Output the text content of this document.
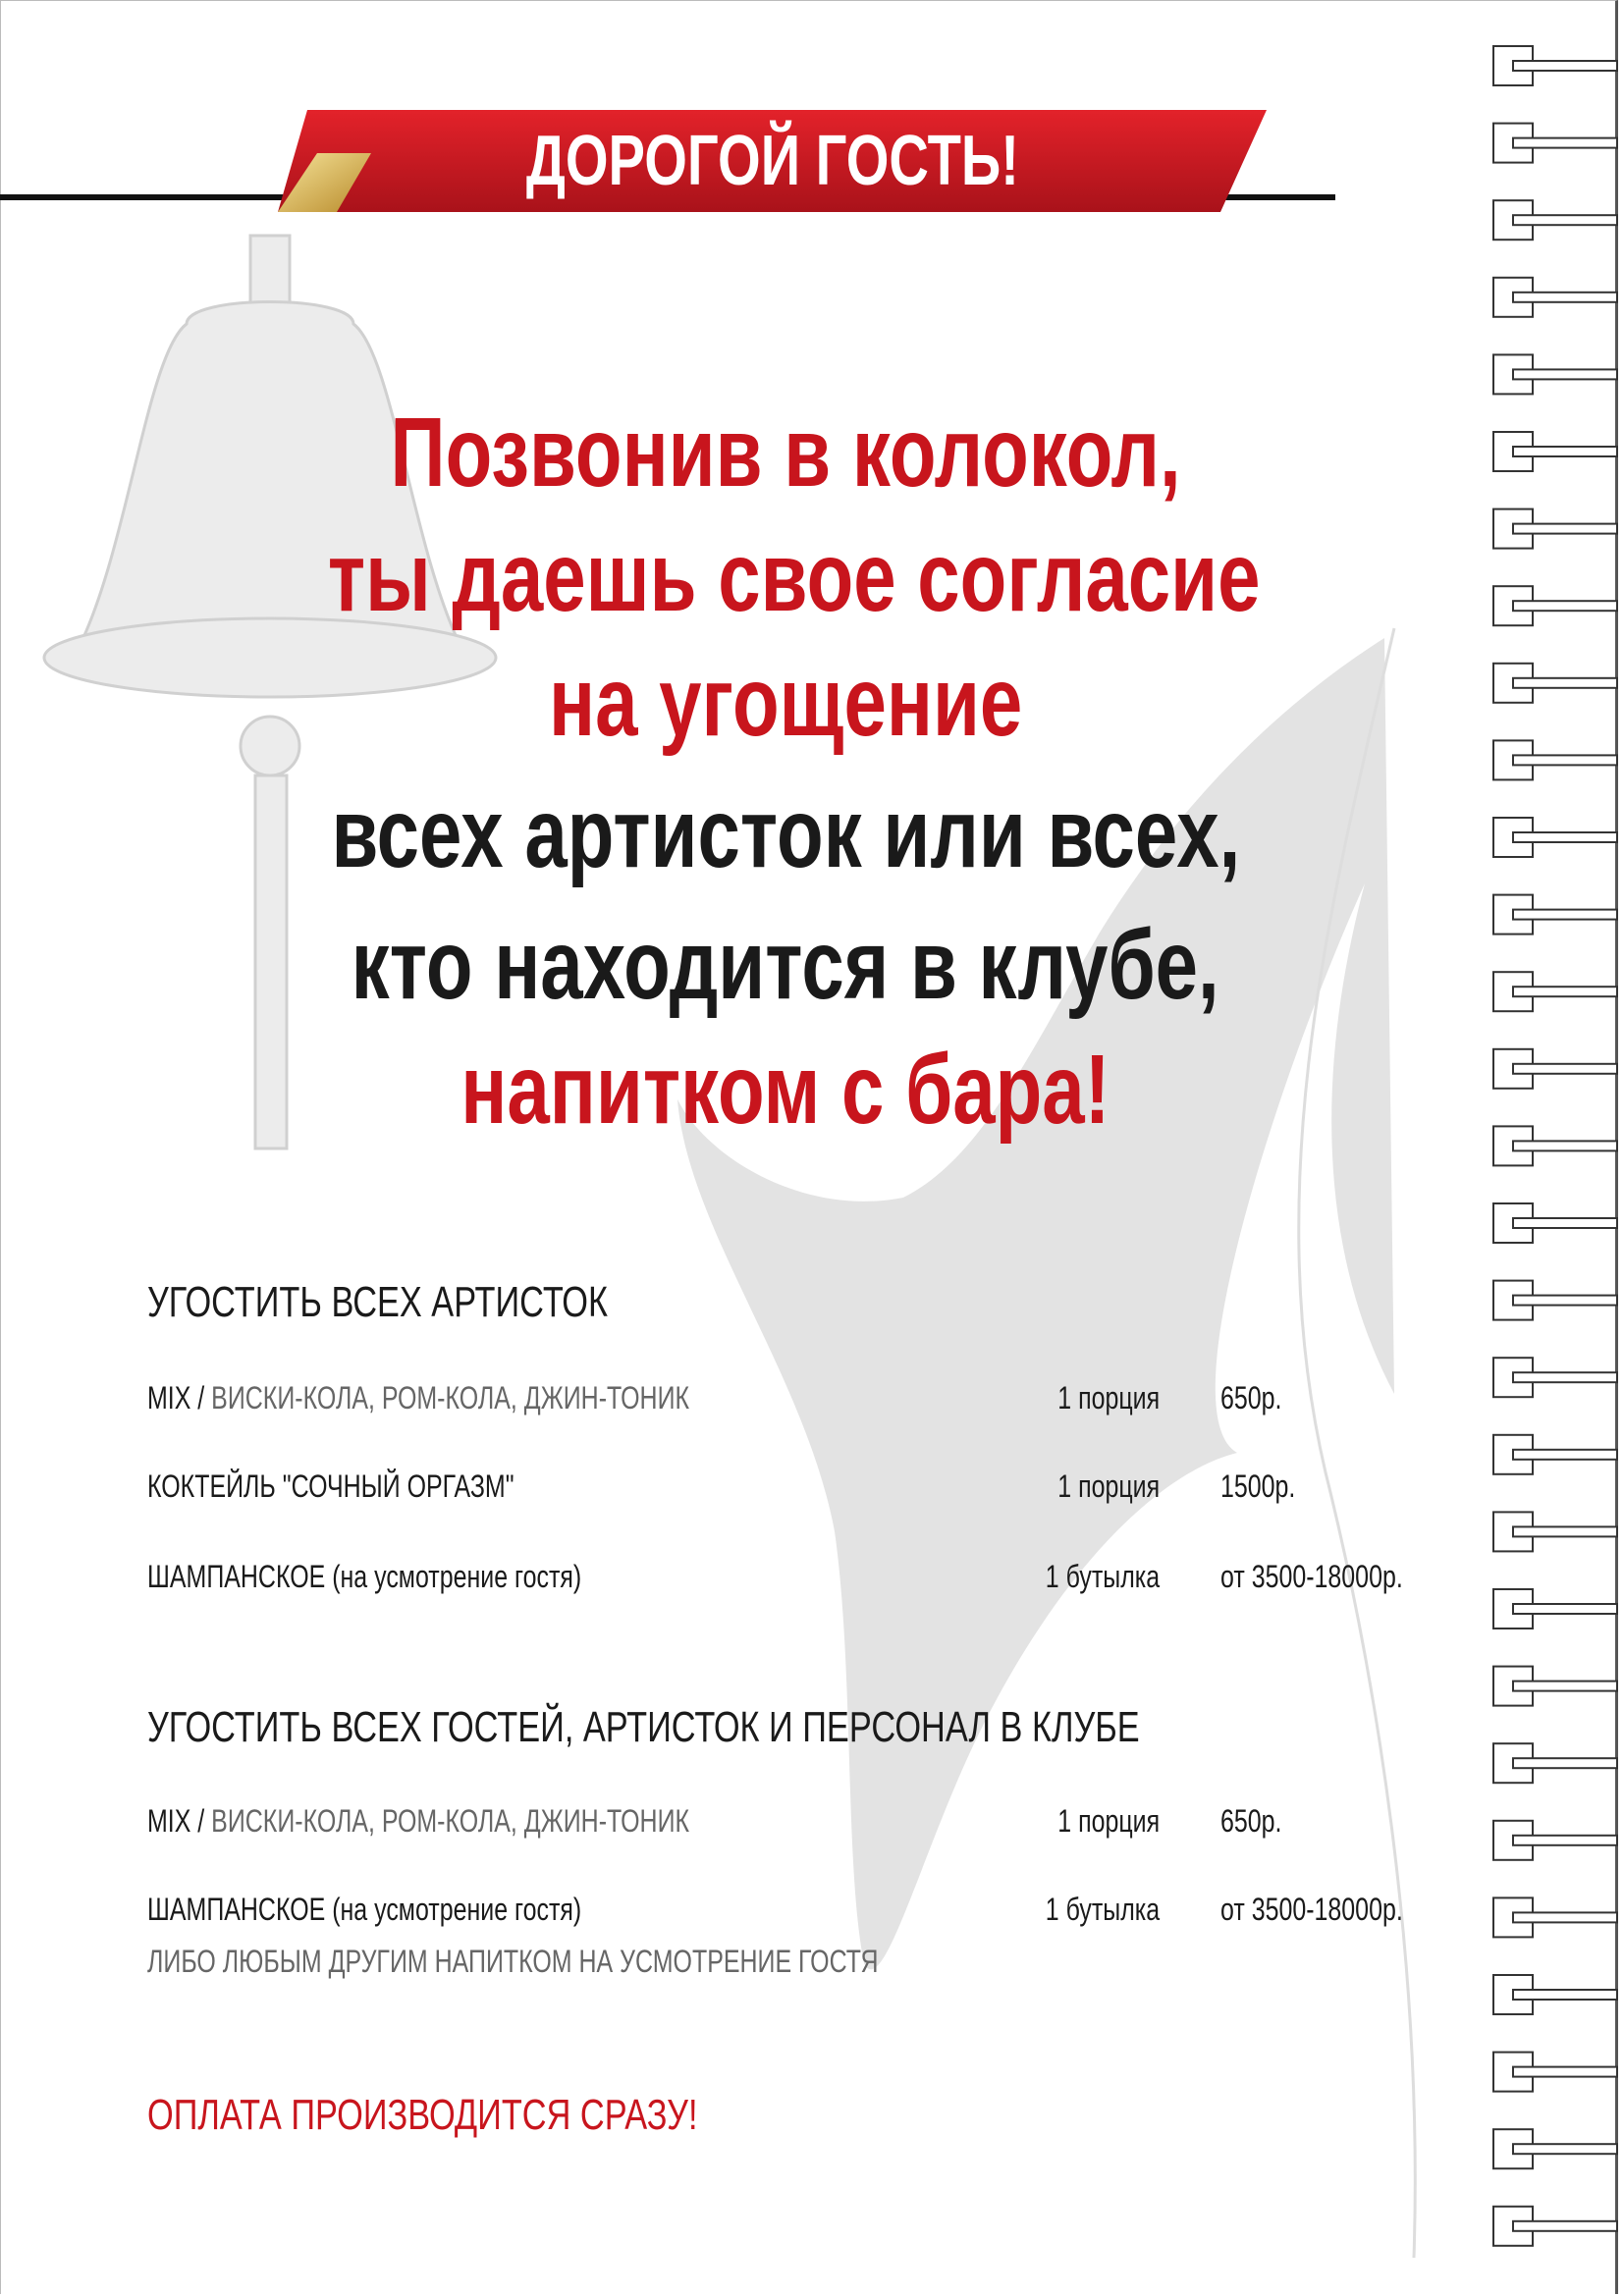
ДОРОГОЙ ГОСТЬ!
Позвонив в колокол,
ты даешь свое согласие
на угощение
всех артисток или всех,
кто находится в клубе,
напитком с бара!
УГОСТИТЬ ВСЕХ АРТИСТОК
MIX / ВИСКИ-КОЛА, РОМ-КОЛА, ДЖИН-ТОНИК	1 порция 650р.
КОКТЕЙЛЬ "СОЧНЫЙ ОРГАЗМ"	1 порция 1500р.
ШАМПАНСКОЕ (на усмотрение гостя)	1 бутылка от 3500-18000р.
УГОСТИТЬ ВСЕХ ГОСТЕЙ, АРТИСТОК И ПЕРСОНАЛ В КЛУБЕ
MIX / ВИСКИ-КОЛА, РОМ-КОЛА, ДЖИН-ТОНИК	1 порция 650р.
ШАМПАНСКОЕ (на усмотрение гостя)	1 бутылка от 3500-18000р.
ЛИБО ЛЮБЫМ ДРУГИМ НАПИТКОМ НА УСМОТРЕНИЕ ГОСТЯ
ОПЛАТА ПРОИЗВОДИТСЯ СРАЗУ!
